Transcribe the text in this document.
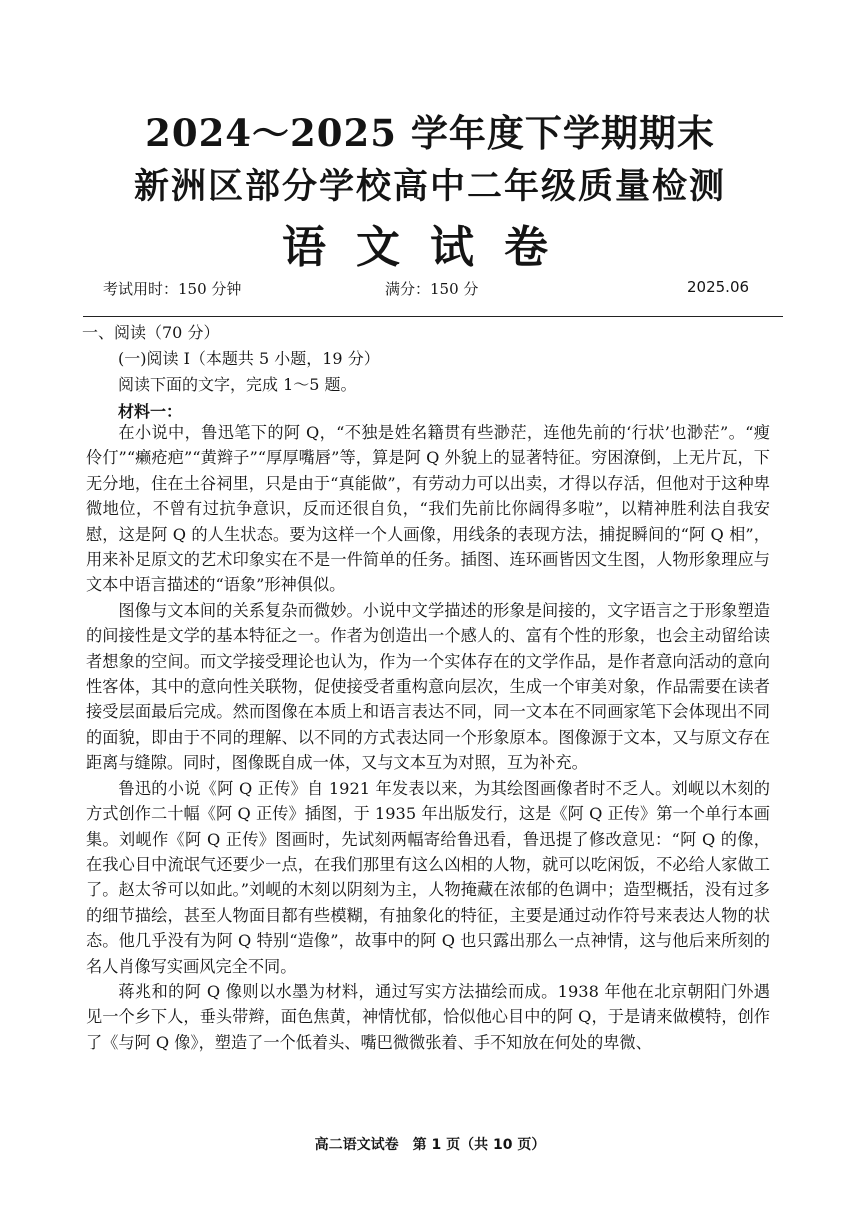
2024～2025 学年度下学期期末
新洲区部分学校高中二年级质量检测
语文试卷
考试用时：150 分钟	满分：150 分	2025.06
一、阅读（70 分）
(一)阅读 I（本题共 5 小题，19 分）
阅读下面的文字，完成 1～5 题。
材料一：

在小说中，鲁迅笔下的阿 Q，“不独是姓名籍贯有些渺茫，连他先前的‘行状’也渺茫”。“瘦伶仃”“癞疮疤”“黄辫子”“厚厚嘴唇”等，算是阿 Q 外貌上的显著特征。穷困潦倒，上无片瓦，下无分地，住在土谷祠里，只是由于“真能做”，有劳动力可以出卖，才得以存活，但他对于这种卑微地位，不曾有过抗争意识，反而还很自负，“我们先前比你阔得多啦”，以精神胜利法自我安慰，这是阿 Q 的人生状态。要为这样一个人画像，用线条的表现方法，捕捉瞬间的“阿 Q 相”，用来补足原文的艺术印象实在不是一件简单的任务。插图、连环画皆因文生图，人物形象理应与文本中语言描述的“语象”形神俱似。

图像与文本间的关系复杂而微妙。小说中文学描述的形象是间接的，文字语言之于形象塑造的间接性是文学的基本特征之一。作者为创造出一个感人的、富有个性的形象，也会主动留给读者想象的空间。而文学接受理论也认为，作为一个实体存在的文学作品，是作者意向活动的意向性客体，其中的意向性关联物，促使接受者重构意向层次，生成一个审美对象，作品需要在读者接受层面最后完成。然而图像在本质上和语言表达不同，同一文本在不同画家笔下会体现出不同的面貌，即由于不同的理解、以不同的方式表达同一个形象原本。图像源于文本，又与原文存在距离与缝隙。同时，图像既自成一体，又与文本互为对照，互为补充。

鲁迅的小说《阿 Q 正传》自 1921 年发表以来，为其绘图画像者时不乏人。刘岘以木刻的方式创作二十幅《阿 Q 正传》插图，于 1935 年出版发行，这是《阿 Q 正传》第一个单行本画集。刘岘作《阿 Q 正传》图画时，先试刻两幅寄给鲁迅看，鲁迅提了修改意见：“阿 Q 的像，在我心目中流氓气还要少一点，在我们那里有这么凶相的人物，就可以吃闲饭，不必给人家做工了。赵太爷可以如此。”刘岘的木刻以阴刻为主，人物掩藏在浓郁的色调中；造型概括，没有过多的细节描绘，甚至人物面目都有些模糊，有抽象化的特征，主要是通过动作符号来表达人物的状态。他几乎没有为阿 Q 特别“造像”，故事中的阿 Q 也只露出那么一点神情，这与他后来所刻的名人肖像写实画风完全不同。

蒋兆和的阿 Q 像则以水墨为材料，通过写实方法描绘而成。1938 年他在北京朝阳门外遇见一个乡下人，垂头带辫，面色焦黄，神情忧郁，恰似他心目中的阿 Q，于是请来做模特，创作了《与阿 Q 像》，塑造了一个低着头、嘴巴微微张着、手不知放在何处的卑微、

高二语文试卷　第 1 页（共 10 页）
